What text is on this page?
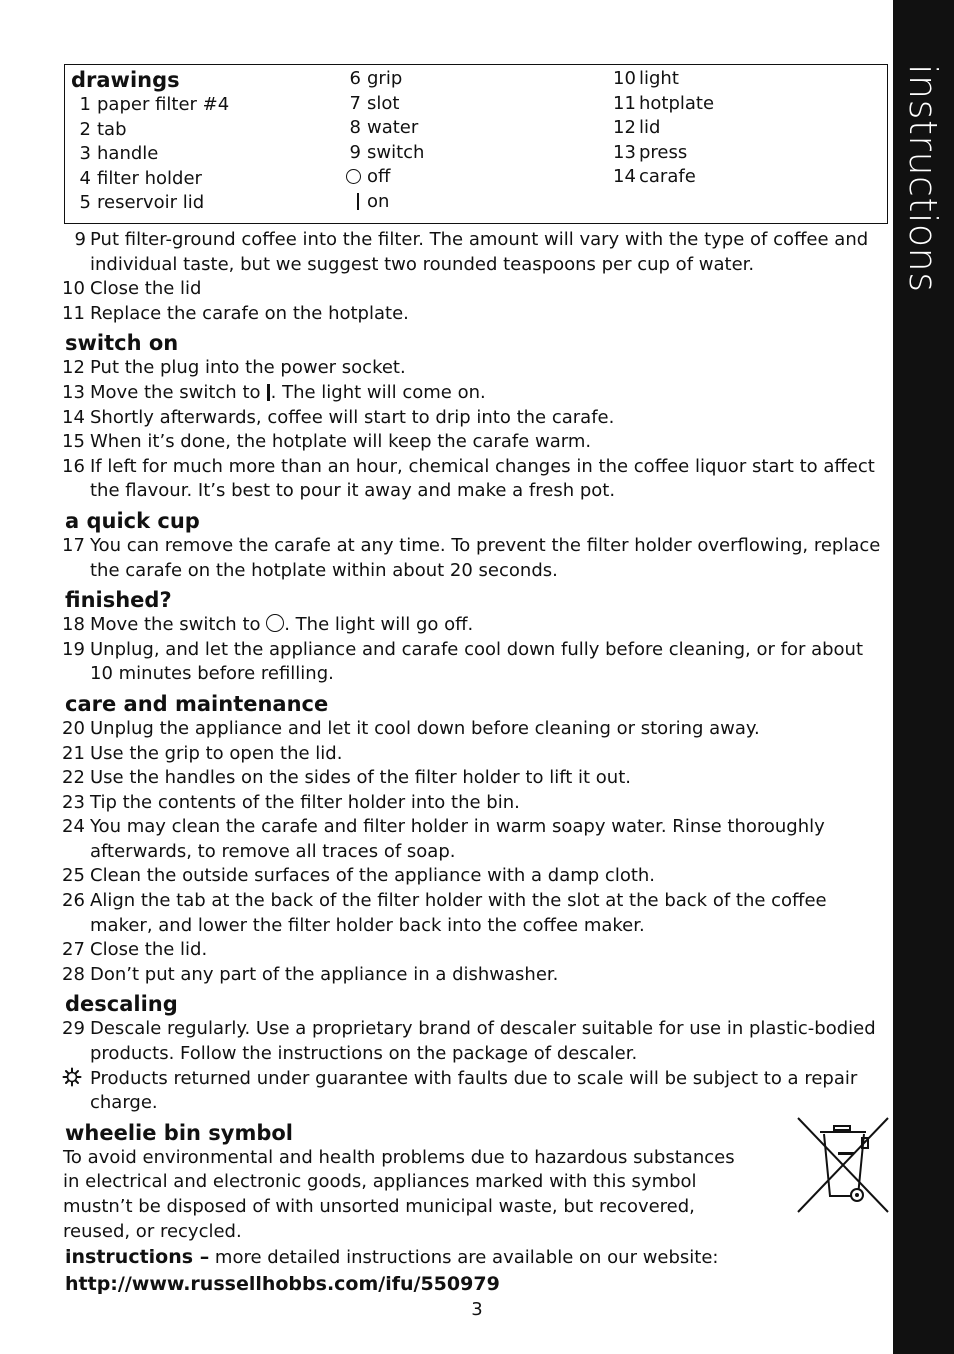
instructions
drawings
1 paper filter #4
2 tab
3 handle
4 filter holder
5 reservoir lid
6 grip
7 slot
8 water
9 switch
off
on
10 light
11 hotplate
12 lid
13 press
14 carafe
9 Put filter-ground coffee into the filter. The amount will vary with the type of coffee and individual taste, but we suggest two rounded teaspoons per cup of water.
10 Close the lid
11 Replace the carafe on the hotplate.
switch on
12 Put the plug into the power socket.
13 Move the switch to . The light will come on.
14 Shortly afterwards, coffee will start to drip into the carafe.
15 When it’s done, the hotplate will keep the carafe warm.
16 If left for much more than an hour, chemical changes in the coffee liquor start to affect the flavour. It’s best to pour it away and make a fresh pot.
a quick cup
17 You can remove the carafe at any time. To prevent the filter holder overflowing, replace the carafe on the hotplate within about 20 seconds.
finished?
18 Move the switch to . The light will go off.
19 Unplug, and let the appliance and carafe cool down fully before cleaning, or for about 10 minutes before refilling.
care and maintenance
20 Unplug the appliance and let it cool down before cleaning or storing away.
21 Use the grip to open the lid.
22 Use the handles on the sides of the filter holder to lift it out.
23 Tip the contents of the filter holder into the bin.
24 You may clean the carafe and filter holder in warm soapy water. Rinse thoroughly afterwards, to remove all traces of soap.
25 Clean the outside surfaces of the appliance with a damp cloth.
26 Align the tab at the back of the filter holder with the slot at the back of the coffee maker, and lower the filter holder back into the coffee maker.
27 Close the lid.
28 Don’t put any part of the appliance in a dishwasher.
descaling
29 Descale regularly. Use a proprietary brand of descaler suitable for use in plastic-bodied products. Follow the instructions on the package of descaler.
Products returned under guarantee with faults due to scale will be subject to a repair charge.
wheelie bin symbol
To avoid environmental and health problems due to hazardous substances in electrical and electronic goods, appliances marked with this symbol mustn’t be disposed of with unsorted municipal waste, but recovered, reused, or recycled.
instructions – more detailed instructions are available on our website:
http://www.russellhobbs.com/ifu/550979
3
